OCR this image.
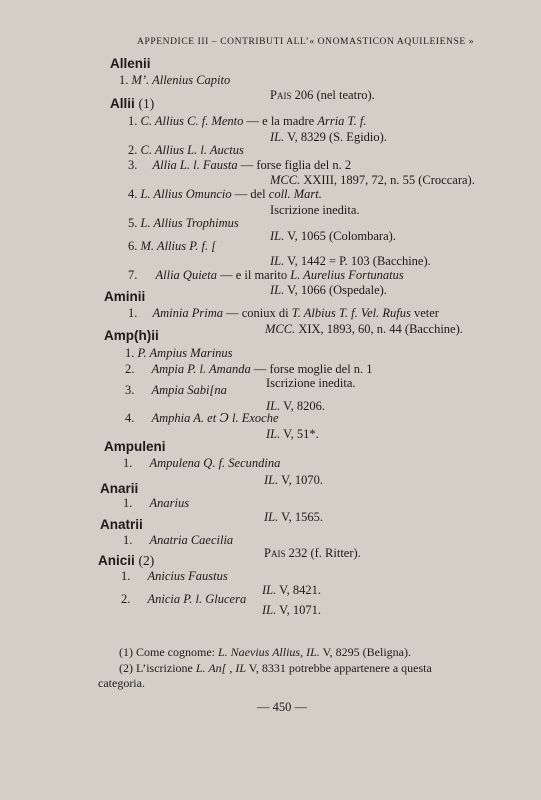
APPENDICE III – CONTRIBUTI ALL’« ONOMASTICON AQUILEIENSE »
Allenii
1. M’. Allenius Capito
Pais 206 (nel teatro).
Allii (1)
1. C. Allius C. f. Mento — e la madre Arria T. f.
IL. V, 8329 (S. Egidio).
2. C. Allius L. l. Auctus
3. Allia L. l. Fausta — forse figlia del n. 2
MCC. XXIII, 1897, 72, n. 55 (Croccara).
4. L. Allius Omuncio — del coll. Mart.
Iscrizione inedita.
5. L. Allius Trophimus
IL. V, 1065 (Colombara).
6. M. Allius P. f. [
IL. V, 1442 = P. 103 (Bacchine).
7. Allia Quieta — e il marito L. Aurelius Fortunatus
IL. V, 1066 (Ospedale).
Aminii
1. Aminia Prima — coniux di T. Albius T. f. Vel. Rufus veter
MCC. XIX, 1893, 60, n. 44 (Bacchine).
Amp(h)ii
1. P. Ampius Marinus
2. Ampia P. l. Amanda — forse moglie del n. 1
Iscrizione inedita.
3. Ampia Sabi[na
IL. V, 8206.
4. Amphia A. et Ↄ l. Exoche
IL. V, 51*.
Ampuleni
1. Ampulena Q. f. Secundina
IL. V, 1070.
Anarii
1. Anarius
IL. V, 1565.
Anatrii
1. Anatria Caecilia
Pais 232 (f. Ritter).
Anicii (2)
1. Anicius Faustus
IL. V, 8421.
2. Anicia P. l. Glucera
IL. V, 1071.
(1) Come cognome: L. Naevius Allius, IL. V, 8295 (Beligna).
(2) L’iscrizione L. An[ , IL V, 8331 potrebbe appartenere a questa
categoria.
— 450 —
